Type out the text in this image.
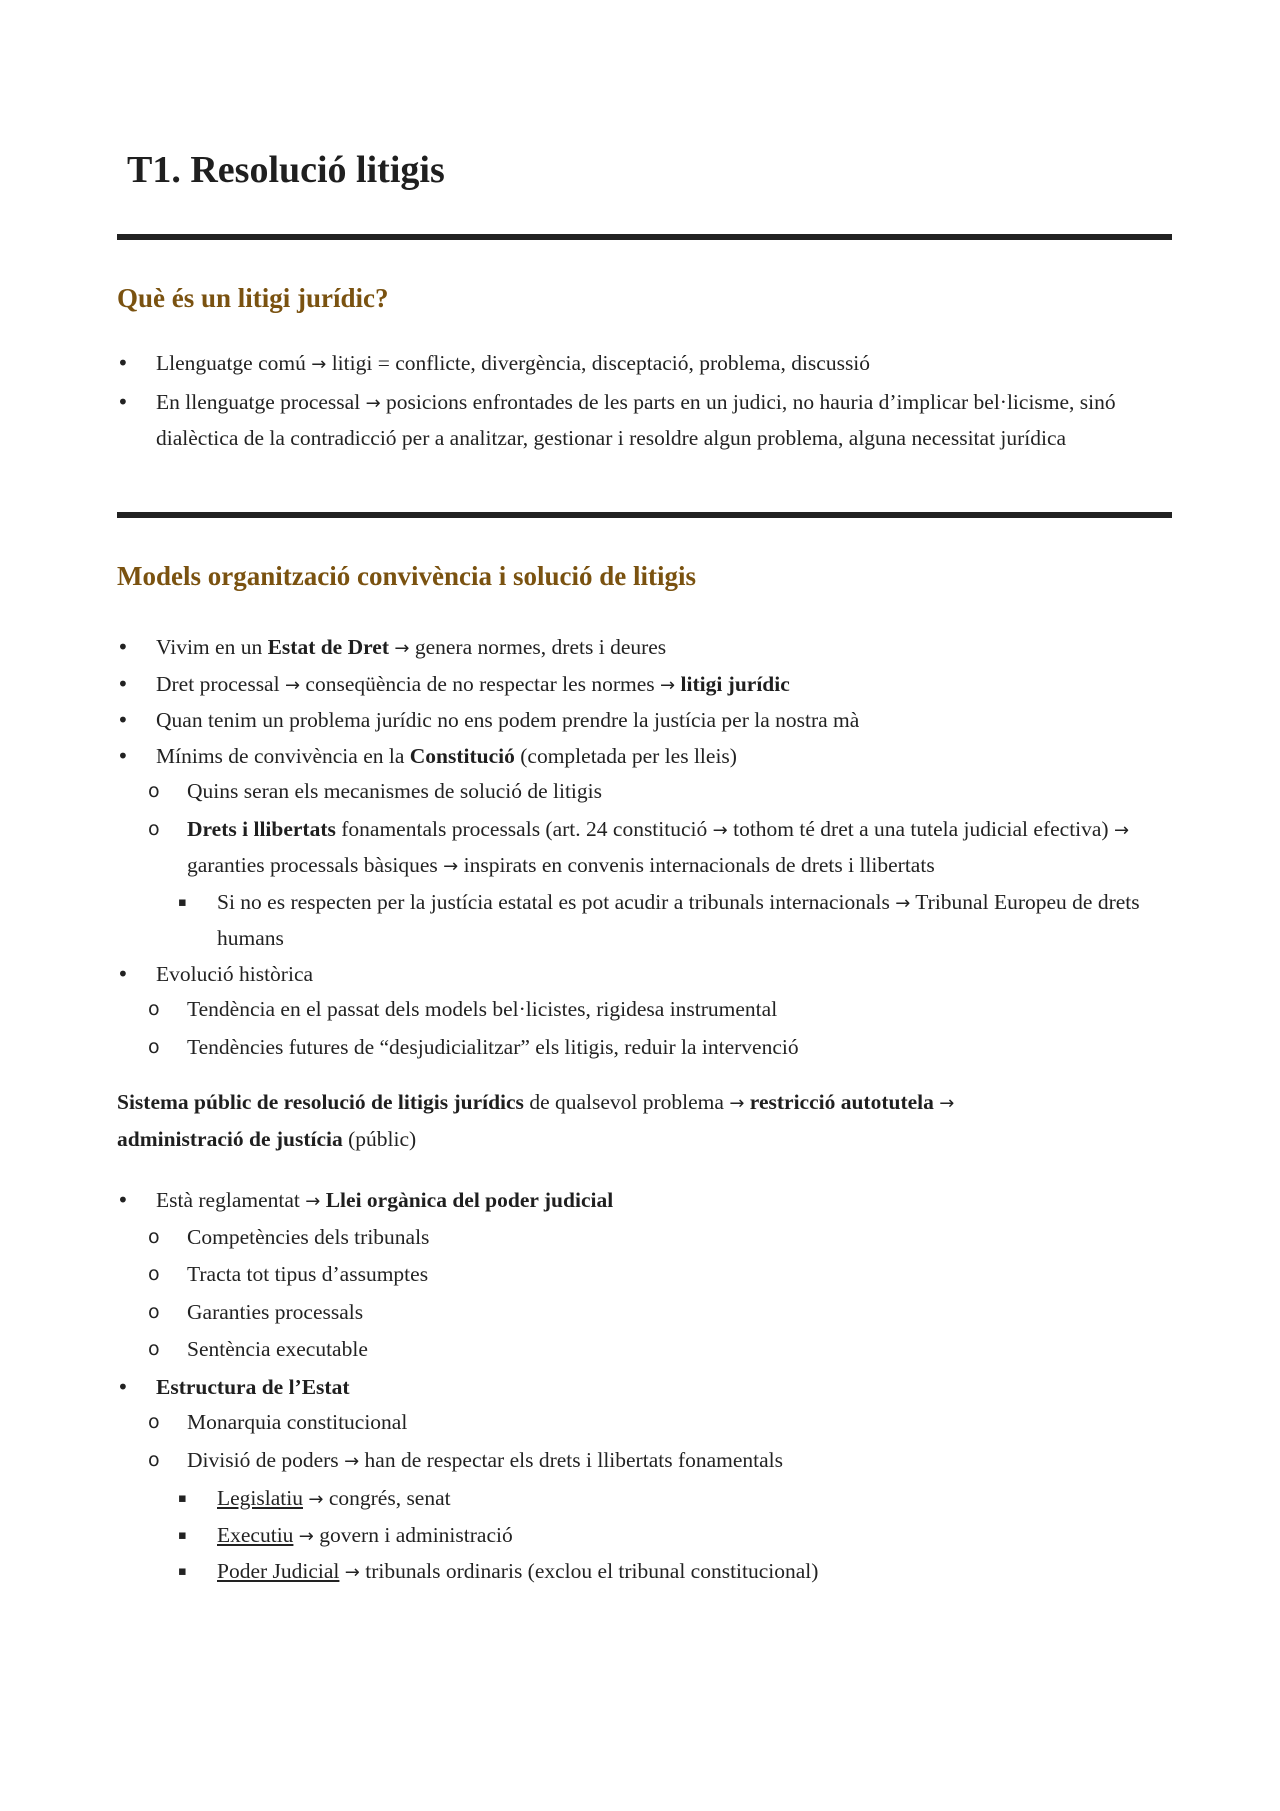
T1. Resolució litigis
Què és un litigi jurídic?
• Llenguatge comú → litigi = conflicte, divergència, disceptació, problema, discussió
• En llenguatge processal → posicions enfrontades de les parts en un judici, no hauria d’implicar bel·licisme, sinó dialèctica de la contradicció per a analitzar, gestionar i resoldre algun problema, alguna necessitat jurídica
Models organització convivència i solució de litigis
• Vivim en un Estat de Dret → genera normes, drets i deures
• Dret processal → conseqüència de no respectar les normes → litigi jurídic
• Quan tenim un problema jurídic no ens podem prendre la justícia per la nostra mà
• Mínims de convivència en la Constitució (completada per les lleis)
o Quins seran els mecanismes de solució de litigis
o Drets i llibertats fonamentals processals (art. 24 constitució → tothom té dret a una tutela judicial efectiva) → garanties processals bàsiques → inspirats en convenis internacionals de drets i llibertats
▪ Si no es respecten per la justícia estatal es pot acudir a tribunals internacionals → Tribunal Europeu de drets humans
• Evolució històrica
o Tendència en el passat dels models bel·licistes, rigidesa instrumental
o Tendències futures de “desjudicialitzar” els litigis, reduir la intervenció

Sistema públic de resolució de litigis jurídics de qualsevol problema → restricció autotutela →
administració de justícia (públic)

• Està reglamentat → Llei orgànica del poder judicial
o Competències dels tribunals
o Tracta tot tipus d’assumptes
o Garanties processals
o Sentència executable
• Estructura de l’Estat
o Monarquia constitucional
o Divisió de poders → han de respectar els drets i llibertats fonamentals
▪ Legislatiu → congrés, senat
▪ Executiu → govern i administració
▪ Poder Judicial → tribunals ordinaris (exclou el tribunal constitucional)
